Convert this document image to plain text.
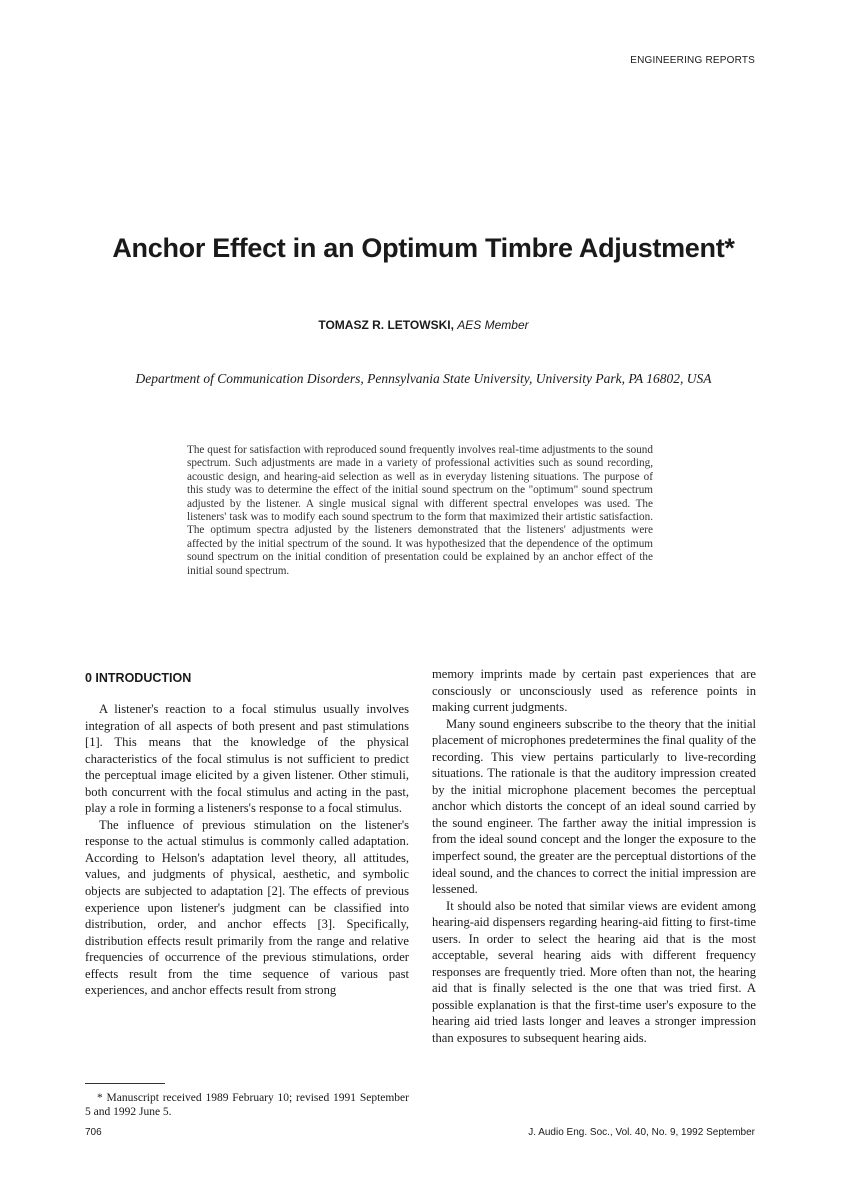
ENGINEERING REPORTS
Anchor Effect in an Optimum Timbre Adjustment*
TOMASZ R. LETOWSKI, AES Member

Department of Communication Disorders, Pennsylvania State University, University Park, PA 16802, USA

The quest for satisfaction with reproduced sound frequently involves real-time adjustments to the sound spectrum. Such adjustments are made in a variety of professional activities such as sound recording, acoustic design, and hearing-aid selection as well as in everyday listening situations. The purpose of this study was to determine the effect of the initial sound spectrum on the "optimum" sound spectrum adjusted by the listener. A single musical signal with different spectral envelopes was used. The listeners' task was to modify each sound spectrum to the form that maximized their artistic satisfaction. The optimum spectra adjusted by the listeners demonstrated that the listeners' adjustments were affected by the initial spectrum of the sound. It was hypothesized that the dependence of the optimum sound spectrum on the initial condition of presentation could be explained by an anchor effect of the initial sound spectrum.

0 INTRODUCTION

A listener's reaction to a focal stimulus usually involves integration of all aspects of both present and past stimulations [1]. This means that the knowledge of the physical characteristics of the focal stimulus is not sufficient to predict the perceptual image elicited by a given listener. Other stimuli, both concurrent with the focal stimulus and acting in the past, play a role in forming a listeners's response to a focal stimulus.

The influence of previous stimulation on the listener's response to the actual stimulus is commonly called adaptation. According to Helson's adaptation level theory, all attitudes, values, and judgments of physical, aesthetic, and symbolic objects are subjected to adaptation [2]. The effects of previous experience upon listener's judgment can be classified into distribution, order, and anchor effects [3]. Specifically, distribution effects result primarily from the range and relative frequencies of occurrence of the previous stimulations, order effects result from the time sequence of various past experiences, and anchor effects result from strong

memory imprints made by certain past experiences that are consciously or unconsciously used as reference points in making current judgments.

Many sound engineers subscribe to the theory that the initial placement of microphones predetermines the final quality of the recording. This view pertains particularly to live-recording situations. The rationale is that the auditory impression created by the initial microphone placement becomes the perceptual anchor which distorts the concept of an ideal sound carried by the sound engineer. The farther away the initial impression is from the ideal sound concept and the longer the exposure to the imperfect sound, the greater are the perceptual distortions of the ideal sound, and the chances to correct the initial impression are lessened.

It should also be noted that similar views are evident among hearing-aid dispensers regarding hearing-aid fitting to first-time users. In order to select the hearing aid that is the most acceptable, several hearing aids with different frequency responses are frequently tried. More often than not, the hearing aid that is finally selected is the one that was tried first. A possible explanation is that the first-time user's exposure to the hearing aid tried lasts longer and leaves a stronger impression than exposures to subsequent hearing aids.

* Manuscript received 1989 February 10; revised 1991 September 5 and 1992 June 5.

706	J. Audio Eng. Soc., Vol. 40, No. 9, 1992 September
